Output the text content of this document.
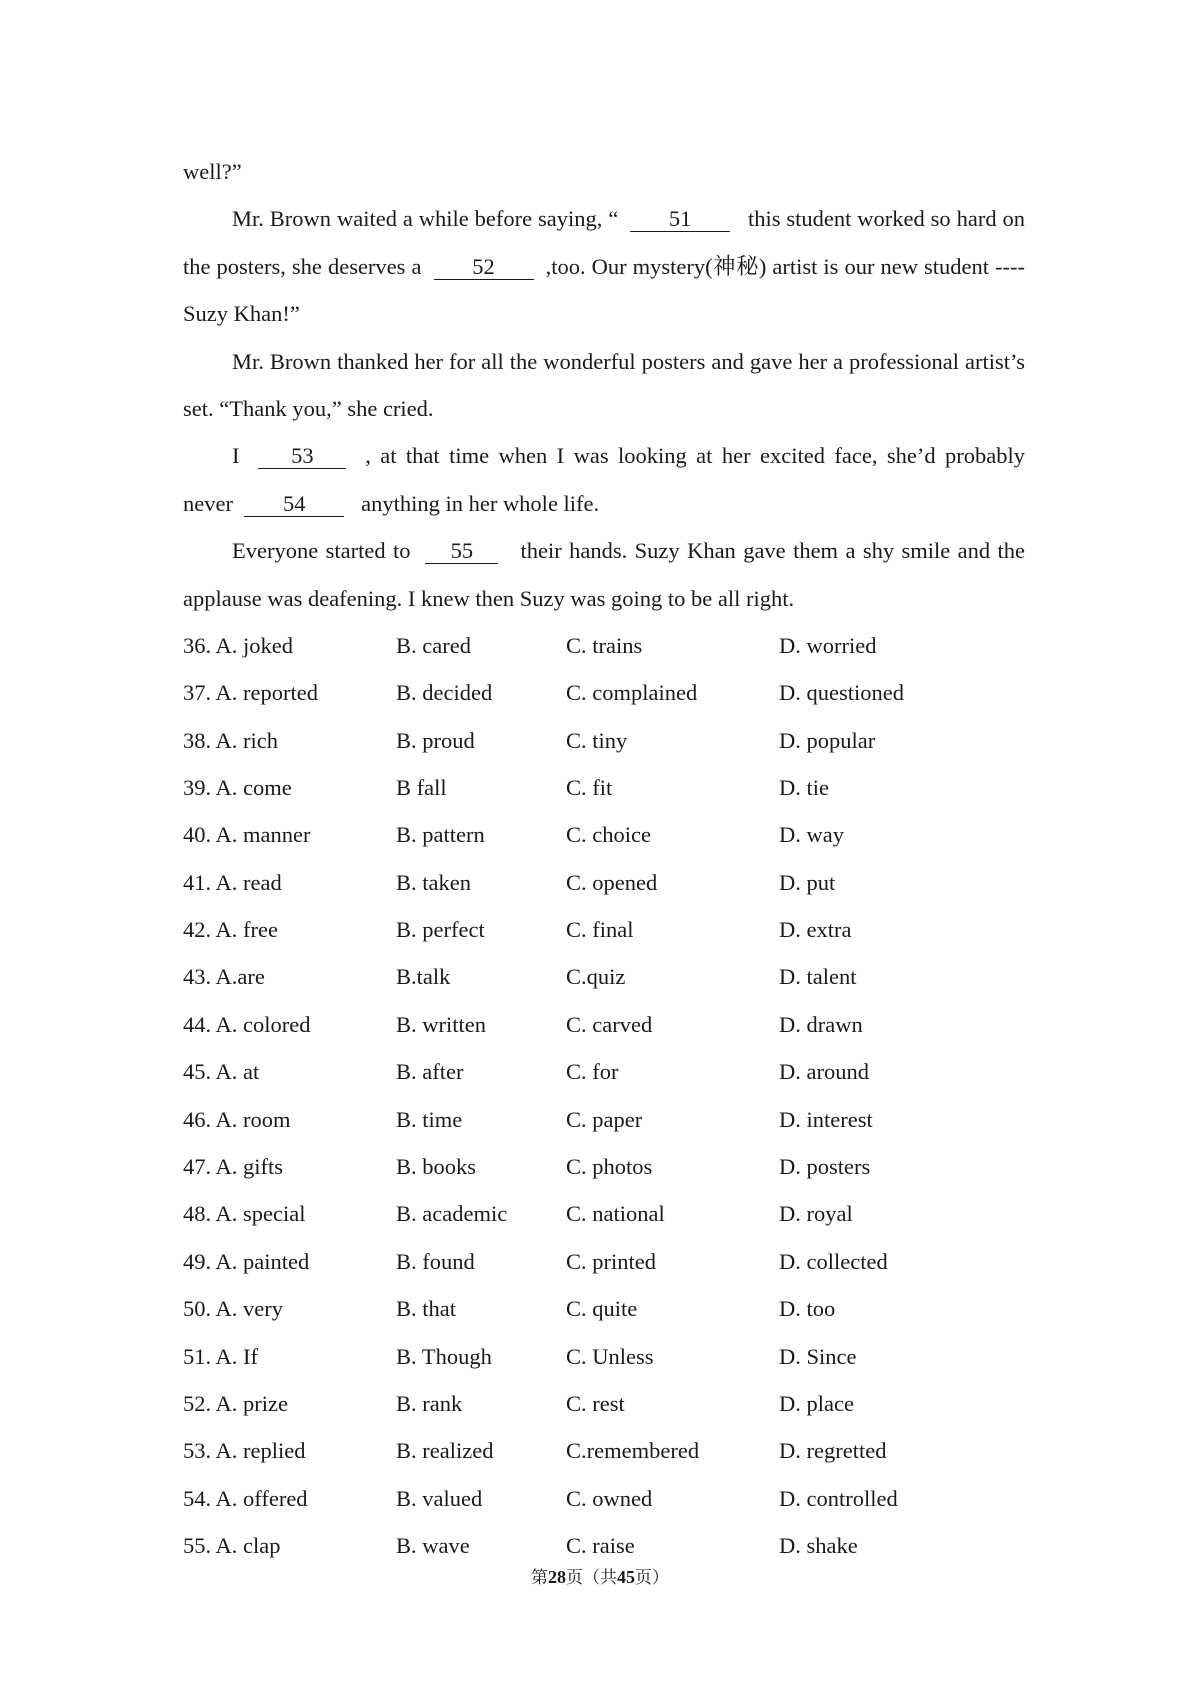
well?”

Mr. Brown waited a while before saying, “ 51	this student worked so hard on the posters, she deserves a 52 ,too. Our mystery(神秘) artist is our new student ---- Suzy Khan!”

Mr. Brown thanked her for all the wonderful posters and gave her a professional artist’s set. “Thank you,” she cried.

I 53 , at that time when I was looking at her excited face, she’d probably never 54 anything in her whole life.

Everyone started to 55 their hands. Suzy Khan gave them a shy smile and the applause was deafening. I knew then Suzy was going to be all right.

36. A. joked	B. cared	C. trains	D. worried
37. A. reported	B. decided	C. complained	D. questioned
38. A. rich	B. proud	C. tiny	D. popular
39. A. come	B fall	C. fit	D. tie
40. A. manner	B. pattern	C. choice	D. way
41. A. read	B. taken	C. opened	D. put
42. A. free	B. perfect	C. final	D. extra
43. A.are	B.talk	C.quiz	D. talent
44. A. colored	B. written	C. carved	D. drawn
45. A. at	B. after	C. for	D. around
46. A. room	B. time	C. paper	D. interest
47. A. gifts	B. books	C. photos	D. posters
48. A. special	B. academic	C. national	D. royal
49. A. painted	B. found	C. printed	D. collected
50. A. very	B. that	C. quite	D. too
51. A. If	B. Though	C. Unless	D. Since
52. A. prize	B. rank	C. rest	D. place
53. A. replied	B. realized	C.remembered	D. regretted
54. A. offered	B. valued	C. owned	D. controlled
55. A. clap	B. wave	C. raise	D. shake
第28页（共45页）
